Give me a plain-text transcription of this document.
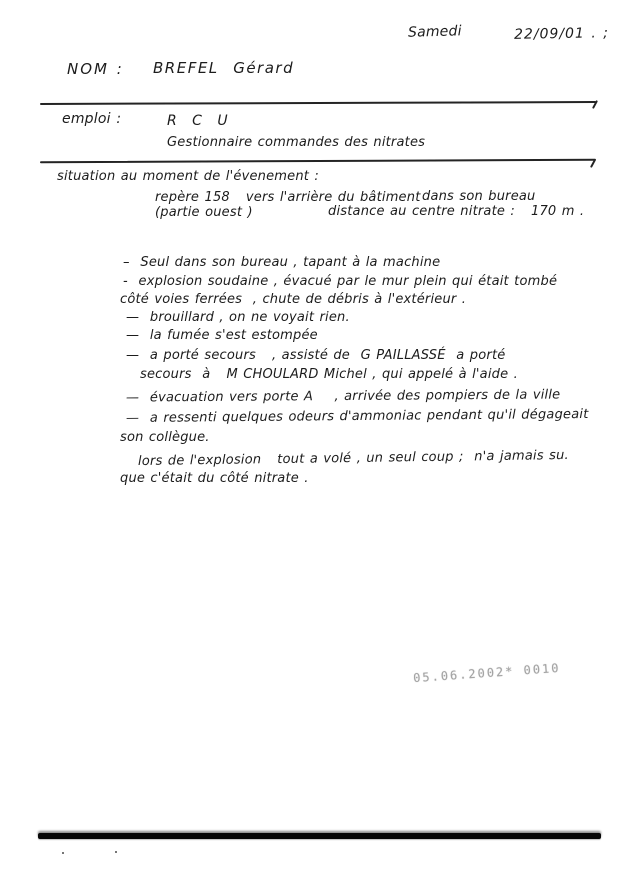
Samedi	22/09/01 . ;
NOM : BREFEL  Gérard
emploi :	R C U
Gestionnaire commandes des nitrates
situation au moment de l'évenement :
repère 158   vers l'arrière du bâtiment dans son bureau
(partie ouest )	distance au centre nitrate :   170 m .
–  Seul dans son bureau , tapant à la machine
-  explosion soudaine , évacué par le mur plein qui était tombé
côté voies ferrées  , chute de débris à l'extérieur .
—  brouillard , on ne voyait rien.
—  la fumée s'est estompée
—  a porté secours   , assisté de  G PAILLASSÉ  a porté
secours  à   M CHOULARD Michel , qui appelé à l'aide .
—  évacuation vers porte A    , arrivée des pompiers de la ville
—  a ressenti quelques odeurs d'ammoniac pendant qu'il dégageait
son collègue.
lors de l'explosion   tout a volé , un seul coup ;  n'a jamais su.
que c'était du côté nitrate .
05.06.2002* 0010
